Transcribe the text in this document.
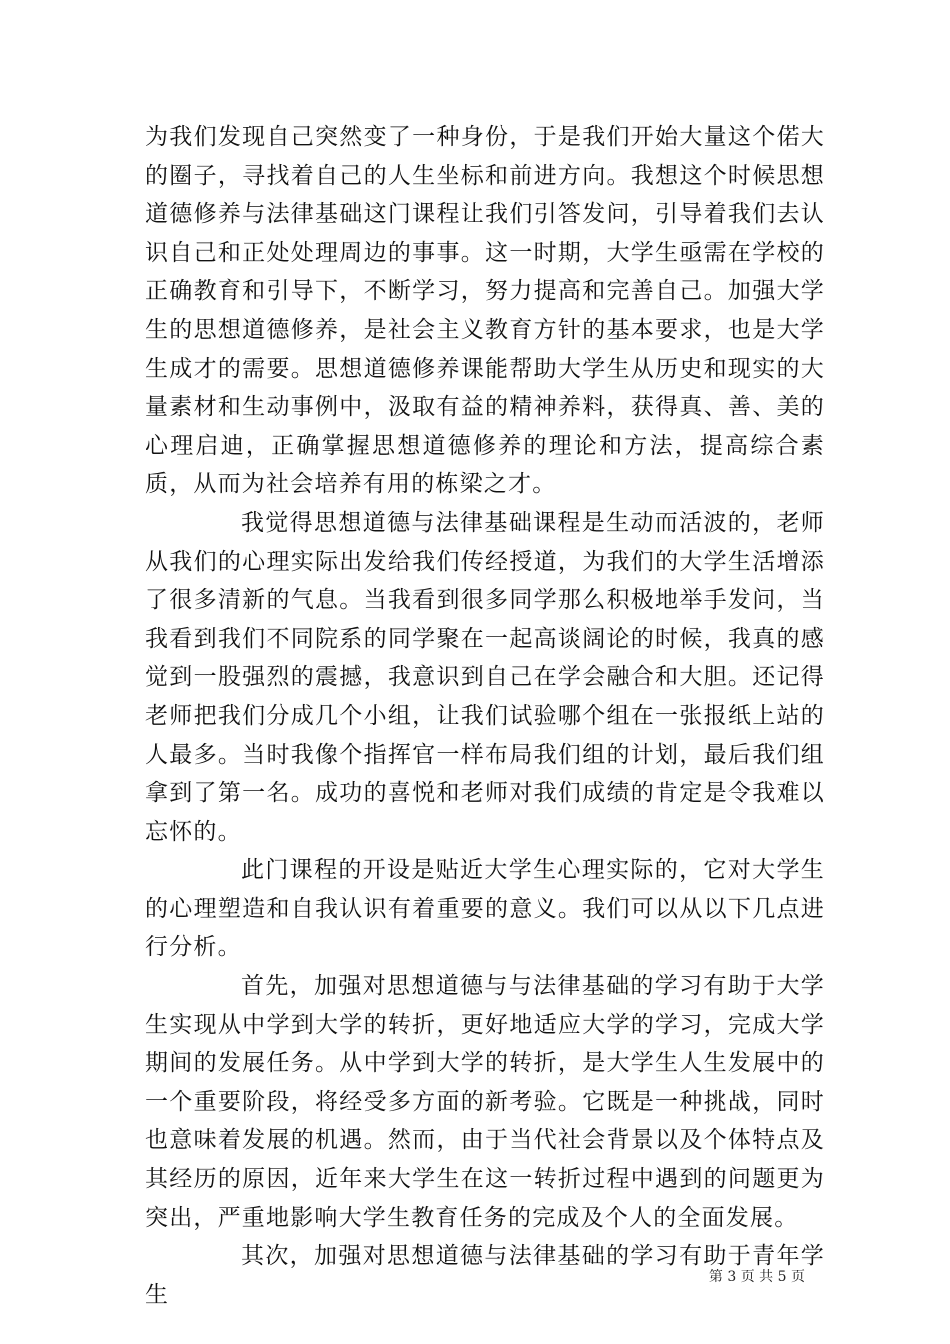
为我们发现自己突然变了一种身份，于是我们开始大量这个偌大的圈子，寻找着自己的人生坐标和前进方向。我想这个时候思想道德修养与法律基础这门课程让我们引答发问，引导着我们去认识自己和正处处理周边的事事。这一时期，大学生亟需在学校的正确教育和引导下，不断学习，努力提高和完善自己。加强大学生的思想道德修养，是社会主义教育方针的基本要求，也是大学生成才的需要。思想道德修养课能帮助大学生从历史和现实的大量素材和生动事例中，汲取有益的精神养料，获得真、善、美的心理启迪，正确掌握思想道德修养的理论和方法，提高综合素质，从而为社会培养有用的栋梁之才。

我觉得思想道德与法律基础课程是生动而活波的，老师从我们的心理实际出发给我们传经授道，为我们的大学生活增添了很多清新的气息。当我看到很多同学那么积极地举手发问，当我看到我们不同院系的同学聚在一起高谈阔论的时候，我真的感觉到一股强烈的震撼，我意识到自己在学会融合和大胆。还记得老师把我们分成几个小组，让我们试验哪个组在一张报纸上站的人最多。当时我像个指挥官一样布局我们组的计划，最后我们组拿到了第一名。成功的喜悦和老师对我们成绩的肯定是令我难以忘怀的。

此门课程的开设是贴近大学生心理实际的，它对大学生的心理塑造和自我认识有着重要的意义。我们可以从以下几点进行分析。

首先，加强对思想道德与与法律基础的学习有助于大学生实现从中学到大学的转折，更好地适应大学的学习，完成大学期间的发展任务。从中学到大学的转折，是大学生人生发展中的一个重要阶段，将经受多方面的新考验。它既是一种挑战，同时也意味着发展的机遇。然而，由于当代社会背景以及个体特点及其经历的原因，近年来大学生在这一转折过程中遇到的问题更为突出，严重地影响大学生教育任务的完成及个人的全面发展。

其次，加强对思想道德与法律基础的学习有助于青年学生

第 3 页 共 5 页
